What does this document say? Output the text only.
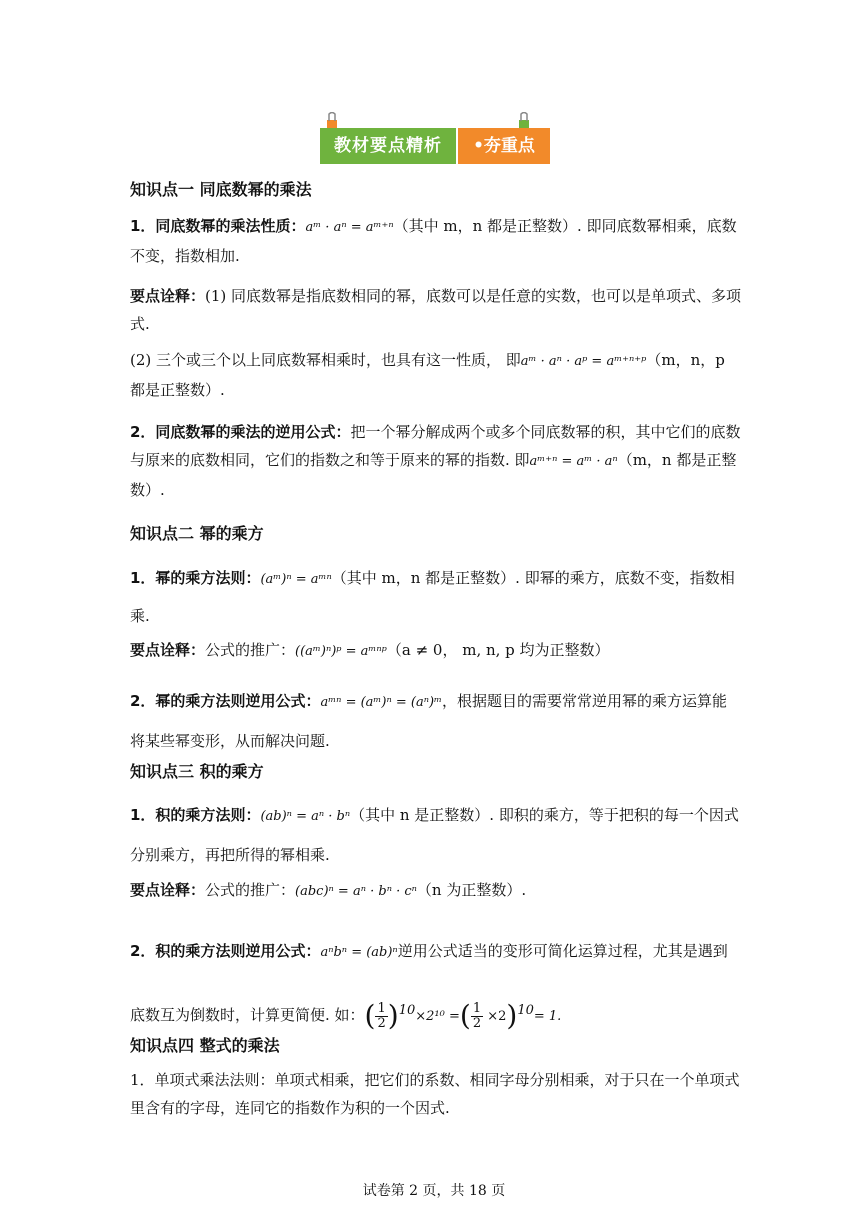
教材要点精析	•夯重点
知识点一 同底数幂的乘法
1．同底数幂的乘法性质：aᵐ · aⁿ = aᵐ⁺ⁿ（其中 m，n 都是正整数）. 即同底数幂相乘，底数不变，指数相加.
要点诠释：(1) 同底数幂是指底数相同的幂，底数可以是任意的实数，也可以是单项式、多项式.
(2) 三个或三个以上同底数幂相乘时，也具有这一性质， 即aᵐ · aⁿ · aᵖ = aᵐ⁺ⁿ⁺ᵖ（m，n，p 都是正整数）.
2．同底数幂的乘法的逆用公式：把一个幂分解成两个或多个同底数幂的积，其中它们的底数与原来的底数相同，它们的指数之和等于原来的幂的指数. 即aᵐ⁺ⁿ = aᵐ · aⁿ（m，n 都是正整数）.
知识点二 幂的乘方
1．幂的乘方法则：(aᵐ)ⁿ = aᵐⁿ（其中 m，n 都是正整数）. 即幂的乘方，底数不变，指数相乘.
要点诠释：公式的推广：((aᵐ)ⁿ)ᵖ = aᵐⁿᵖ（a ≠ 0， m, n, p 均为正整数）
2．幂的乘方法则逆用公式：aᵐⁿ = (aᵐ)ⁿ = (aⁿ)ᵐ，根据题目的需要常常逆用幂的乘方运算能将某些幂变形，从而解决问题.
知识点三 积的乘方
1．积的乘方法则：(ab)ⁿ = aⁿ · bⁿ（其中 n 是正整数）. 即积的乘方，等于把积的每一个因式分别乘方，再把所得的幂相乘.
要点诠释：公式的推广：(abc)ⁿ = aⁿ · bⁿ · cⁿ（n 为正整数）.
2．积的乘方法则逆用公式：aⁿbⁿ = (ab)ⁿ逆用公式适当的变形可简化运算过程，尤其是遇到底数互为倒数时，计算更简便. 如：( $\frac{1}{2} )^{10}\times 2^{10}$ =( $\frac{1}{2} \times 2)^{10}= 1$.
知识点四 整式的乘法
1．单项式乘法法则：单项式相乘，把它们的系数、相同字母分别相乘，对于只在一个单项式里含有的字母，连同它的指数作为积的一个因式.
试卷第 2 页，共 18 页
